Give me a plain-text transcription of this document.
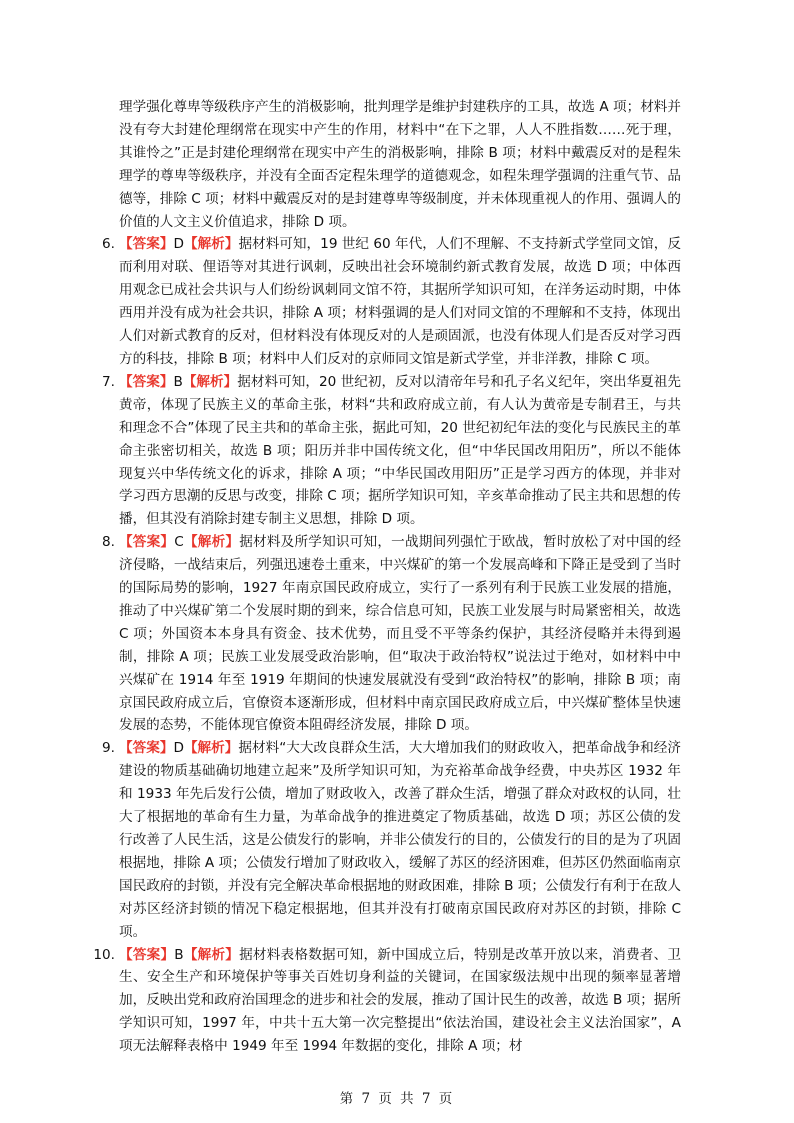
理学强化尊卑等级秩序产生的消极影响，批判理学是维护封建秩序的工具，故选 A 项；材料并没有夸大封建伦理纲常在现实中产生的作用，材料中“在下之罪，人人不胜指数……死于理，其谁怜之”正是封建伦理纲常在现实中产生的消极影响，排除 B 项；材料中戴震反对的是程朱理学的尊卑等级秩序，并没有全面否定程朱理学的道德观念，如程朱理学强调的注重气节、品德等，排除 C 项；材料中戴震反对的是封建尊卑等级制度，并未体现重视人的作用、强调人的价值的人文主义价值追求，排除 D 项。

6. 【答案】D【解析】据材料可知，19 世纪 60 年代，人们不理解、不支持新式学堂同文馆，反而利用对联、俚语等对其进行讽刺，反映出社会环境制约新式教育发展，故选 D 项；中体西用观念已成社会共识与人们纷纷讽刺同文馆不符，其据所学知识可知，在洋务运动时期，中体西用并没有成为社会共识，排除 A 项；材料强调的是人们对同文馆的不理解和不支持，体现出人们对新式教育的反对，但材料没有体现反对的人是顽固派，也没有体现人们是否反对学习西方的科技，排除 B 项；材料中人们反对的京师同文馆是新式学堂，并非洋教，排除 C 项。
7. 【答案】B【解析】据材料可知，20 世纪初，反对以清帝年号和孔子名义纪年，突出华夏祖先黄帝，体现了民族主义的革命主张，材料“共和政府成立前，有人认为黄帝是专制君王，与共和理念不合”体现了民主共和的革命主张，据此可知，20 世纪初纪年法的变化与民族民主的革命主张密切相关，故选 B 项；阳历并非中国传统文化，但“中华民国改用阳历”，所以不能体现复兴中华传统文化的诉求，排除 A 项；“中华民国改用阳历”正是学习西方的体现，并非对学习西方思潮的反思与改变，排除 C 项；据所学知识可知，辛亥革命推动了民主共和思想的传播，但其没有消除封建专制主义思想，排除 D 项。
8. 【答案】C【解析】据材料及所学知识可知，一战期间列强忙于欧战，暂时放松了对中国的经济侵略，一战结束后，列强迅速卷土重来，中兴煤矿的第一个发展高峰和下降正是受到了当时的国际局势的影响，1927 年南京国民政府成立，实行了一系列有利于民族工业发展的措施，推动了中兴煤矿第二个发展时期的到来，综合信息可知，民族工业发展与时局紧密相关，故选 C 项；外国资本本身具有资金、技术优势，而且受不平等条约保护，其经济侵略并未得到遏制，排除 A 项；民族工业发展受政治影响，但“取决于政治特权”说法过于绝对，如材料中中兴煤矿在 1914 年至 1919 年期间的快速发展就没有受到“政治特权”的影响，排除 B 项；南京国民政府成立后，官僚资本逐渐形成，但材料中南京国民政府成立后，中兴煤矿整体呈快速发展的态势，不能体现官僚资本阻碍经济发展，排除 D 项。
9. 【答案】D【解析】据材料“大大改良群众生活，大大增加我们的财政收入，把革命战争和经济建设的物质基础确切地建立起来”及所学知识可知，为充裕革命战争经费，中央苏区 1932 年和 1933 年先后发行公债，增加了财政收入，改善了群众生活，增强了群众对政权的认同，壮大了根据地的革命有生力量，为革命战争的推进奠定了物质基础，故选 D 项；苏区公债的发行改善了人民生活，这是公债发行的影响，并非公债发行的目的，公债发行的目的是为了巩固根据地，排除 A 项；公债发行增加了财政收入，缓解了苏区的经济困难，但苏区仍然面临南京国民政府的封锁，并没有完全解决革命根据地的财政困难，排除 B 项；公债发行有利于在敌人对苏区经济封锁的情况下稳定根据地，但其并没有打破南京国民政府对苏区的封锁，排除 C 项。
10. 【答案】B【解析】据材料表格数据可知，新中国成立后，特别是改革开放以来，消费者、卫生、安全生产和环境保护等事关百姓切身利益的关键词，在国家级法规中出现的频率显著增加，反映出党和政府治国理念的进步和社会的发展，推动了国计民生的改善，故选 B 项；据所学知识可知，1997 年，中共十五大第一次完整提出“依法治国，建设社会主义法治国家”，A 项无法解释表格中 1949 年至 1994 年数据的变化，排除 A 项；材
第 7 页 共 7 页
